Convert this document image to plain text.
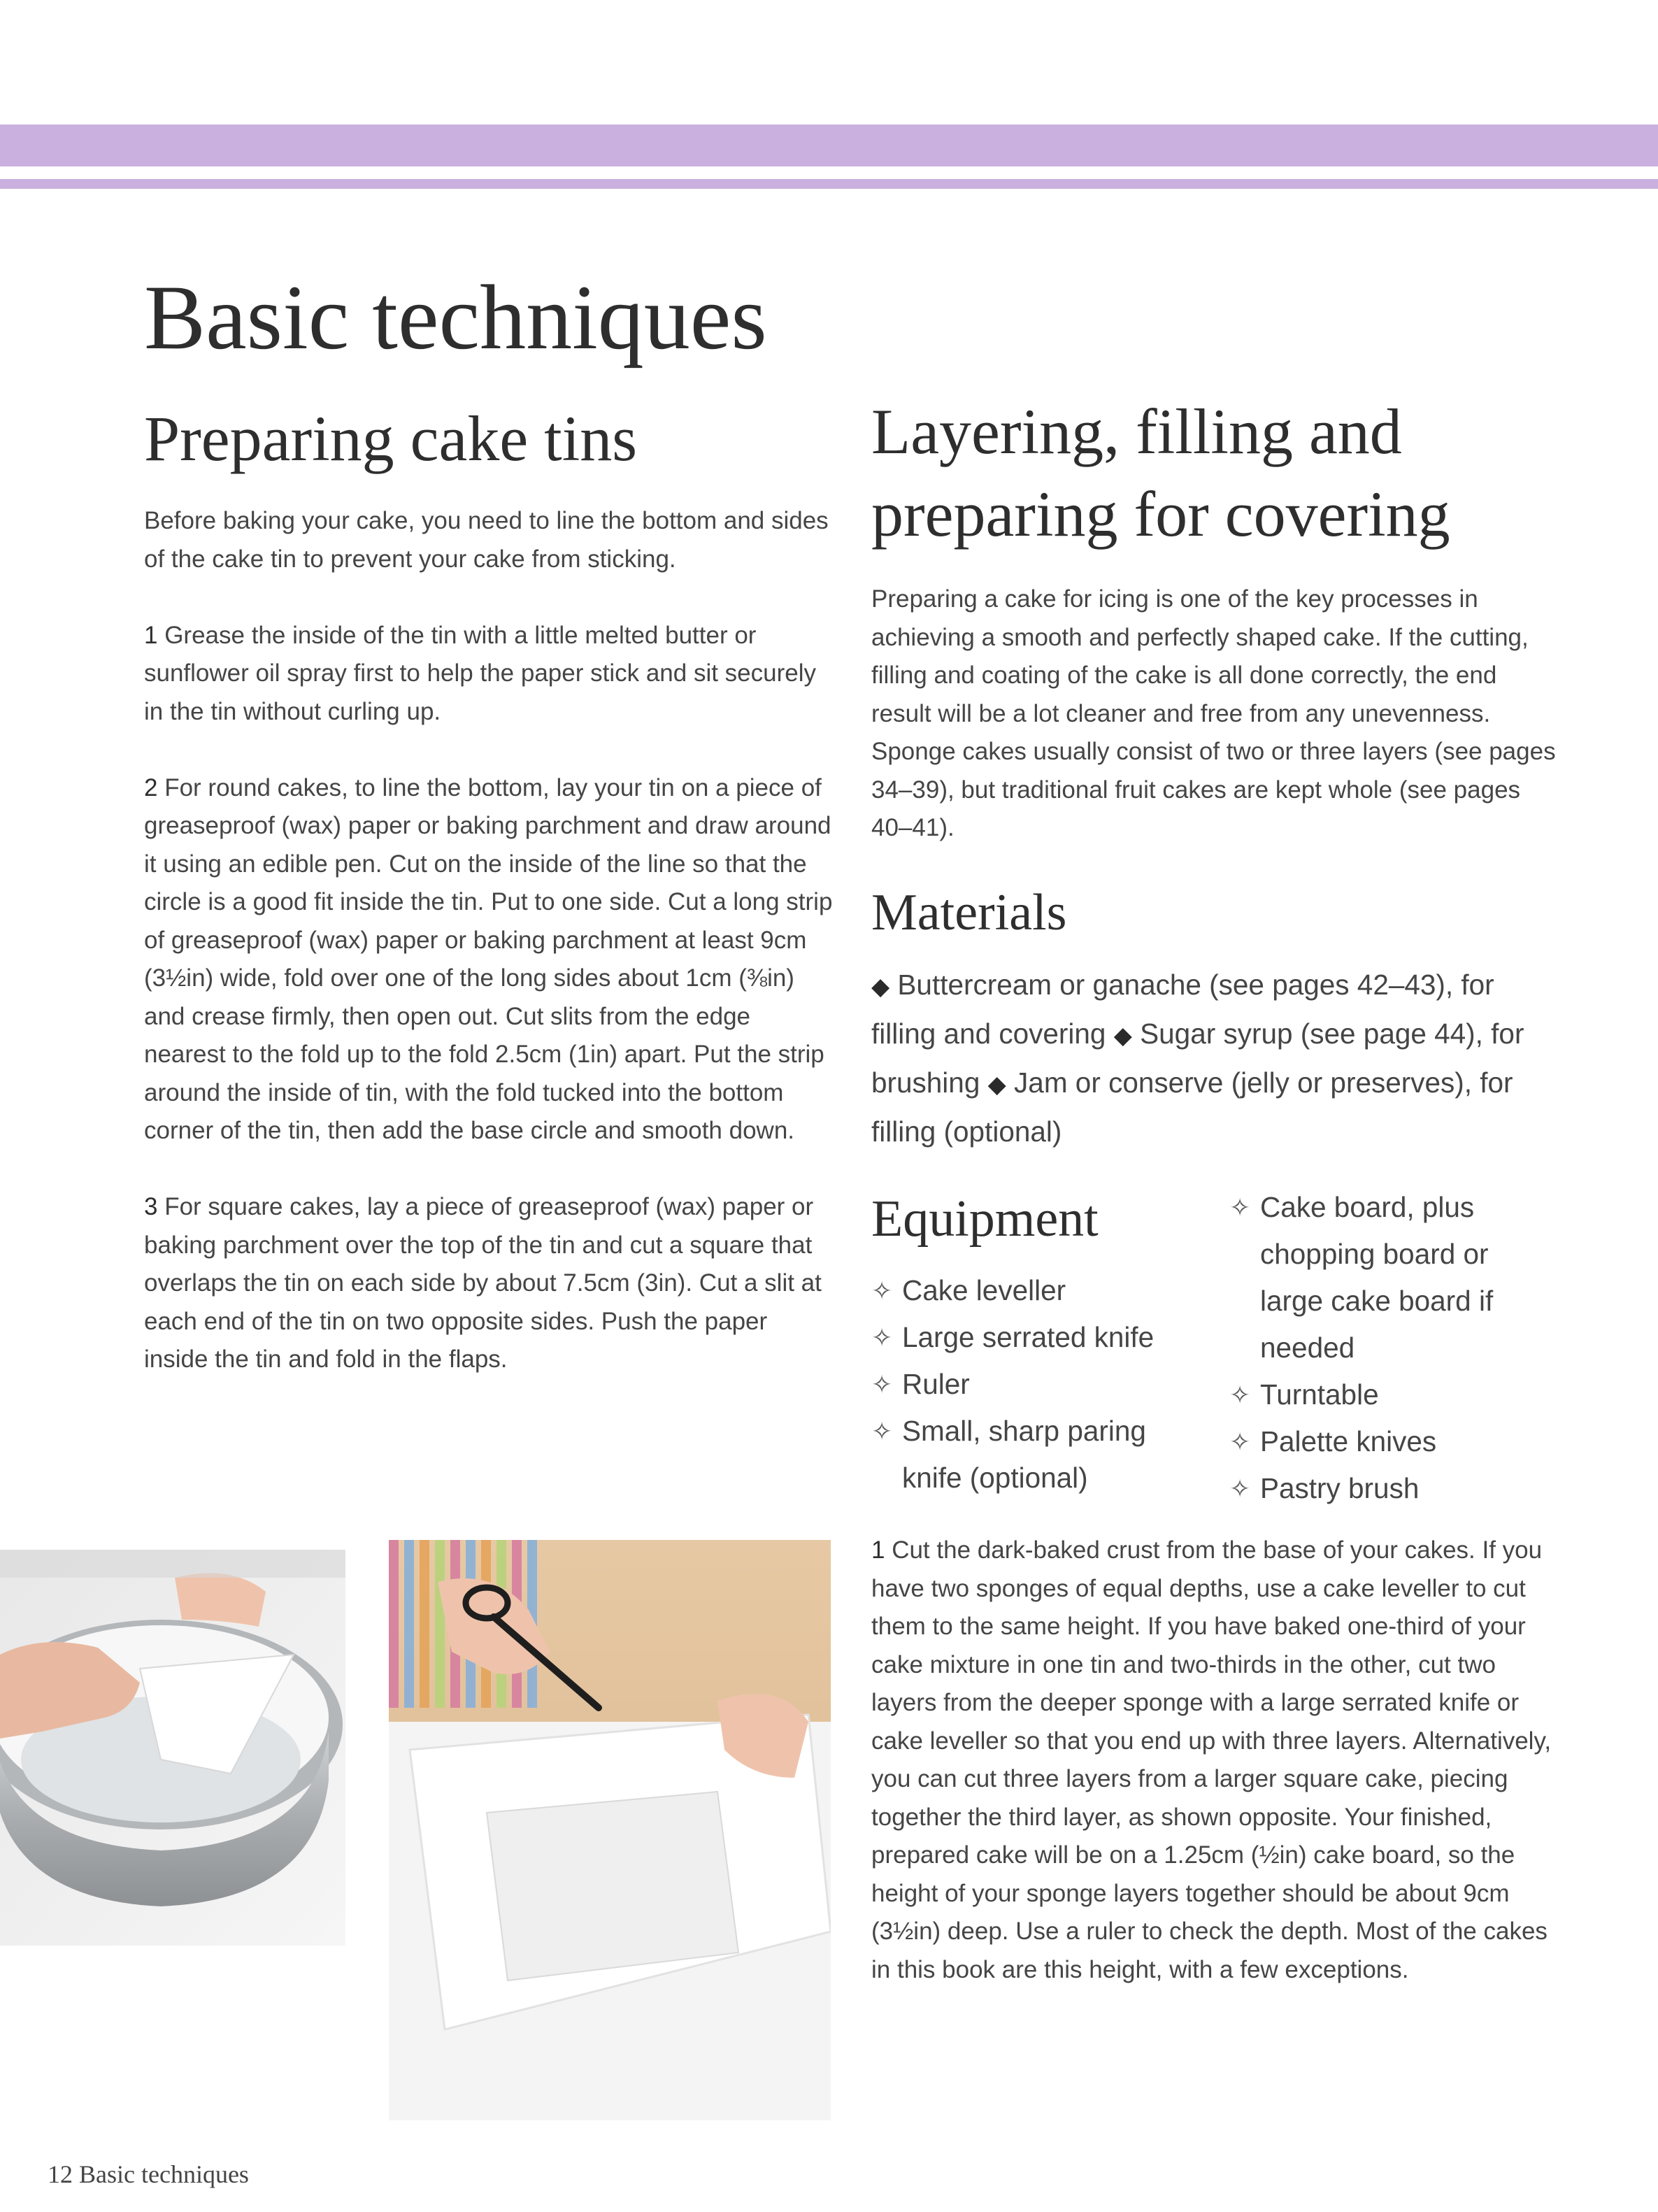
Basic techniques
Preparing cake tins

Before baking your cake, you need to line the bottom and sides of the cake tin to prevent your cake from sticking.

1 Grease the inside of the tin with a little melted butter or sunflower oil spray first to help the paper stick and sit securely in the tin without curling up.

2 For round cakes, to line the bottom, lay your tin on a piece of greaseproof (wax) paper or baking parchment and draw around it using an edible pen. Cut on the inside of the line so that the circle is a good fit inside the tin. Put to one side. Cut a long strip of greaseproof (wax) paper or baking parchment at least 9cm (3½in) wide, fold over one of the long sides about 1cm (⅜in) and crease firmly, then open out. Cut slits from the edge nearest to the fold up to the fold 2.5cm (1in) apart. Put the strip around the inside of tin, with the fold tucked into the bottom corner of the tin, then add the base circle and smooth down.

3 For square cakes, lay a piece of greaseproof (wax) paper or baking parchment over the top of the tin and cut a square that overlaps the tin on each side by about 7.5cm (3in). Cut a slit at each end of the tin on two opposite sides. Push the paper inside the tin and fold in the flaps.

Layering, filling and
preparing for covering

Preparing a cake for icing is one of the key processes in achieving a smooth and perfectly shaped cake. If the cutting, filling and coating of the cake is all done correctly, the end result will be a lot cleaner and free from any unevenness. Sponge cakes usually consist of two or three layers (see pages 34–39), but traditional fruit cakes are kept whole (see pages 40–41).

Materials
◆ Buttercream or ganache (see pages 42–43), for filling and covering ◆ Sugar syrup (see page 44), for brushing ◆ Jam or conserve (jelly or preserves), for filling (optional)
Equipment
✧ Cake leveller
✧ Large serrated knife
✧ Ruler
✧ Small, sharp paring knife (optional)
✧ Cake board, plus chopping board or large cake board if needed
✧ Turntable
✧ Palette knives
✧ Pastry brush

1 Cut the dark-baked crust from the base of your cakes. If you have two sponges of equal depths, use a cake leveller to cut them to the same height. If you have baked one-third of your cake mixture in one tin and two-thirds in the other, cut two layers from the deeper sponge with a large serrated knife or cake leveller so that you end up with three layers. Alternatively, you can cut three layers from a larger square cake, piecing together the third layer, as shown opposite. Your finished, prepared cake will be on a 1.25cm (½in) cake board, so the height of your sponge layers together should be about 9cm (3½in) deep. Use a ruler to check the depth. Most of the cakes in this book are this height, with a few exceptions.

12 Basic techniques
